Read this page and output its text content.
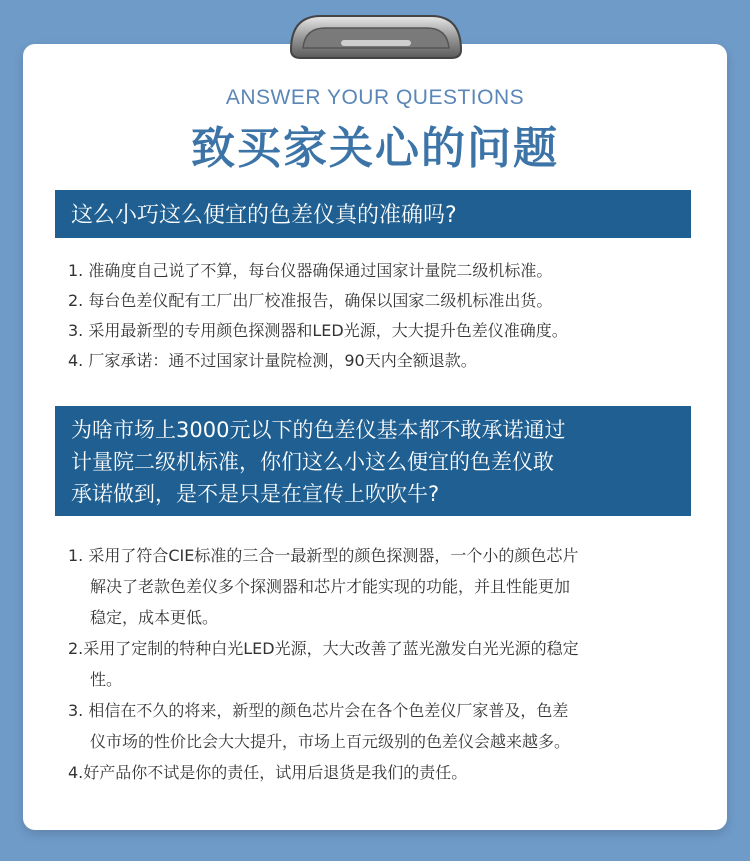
ANSWER YOUR QUESTIONS
致买家关心的问题
这么小巧这么便宜的色差仪真的准确吗?
1. 准确度自己说了不算，每台仪器确保通过国家计量院二级机标准。
2. 每台色差仪配有工厂出厂校准报告，确保以国家二级机标准出货。
3. 采用最新型的专用颜色探测器和LED光源，大大提升色差仪准确度。
4. 厂家承诺：通不过国家计量院检测，90天内全额退款。
为啥市场上3000元以下的色差仪基本都不敢承诺通过
计量院二级机标准，你们这么小这么便宜的色差仪敢
承诺做到，是不是只是在宣传上吹吹牛?
1. 采用了符合CIE标准的三合一最新型的颜色探测器，一个小的颜色芯片
解决了老款色差仪多个探测器和芯片才能实现的功能，并且性能更加
稳定，成本更低。
2.采用了定制的特种白光LED光源，大大改善了蓝光激发白光光源的稳定
性。
3. 相信在不久的将来，新型的颜色芯片会在各个色差仪厂家普及，色差
仪市场的性价比会大大提升，市场上百元级别的色差仪会越来越多。
4.好产品你不试是你的责任，试用后退货是我们的责任。
